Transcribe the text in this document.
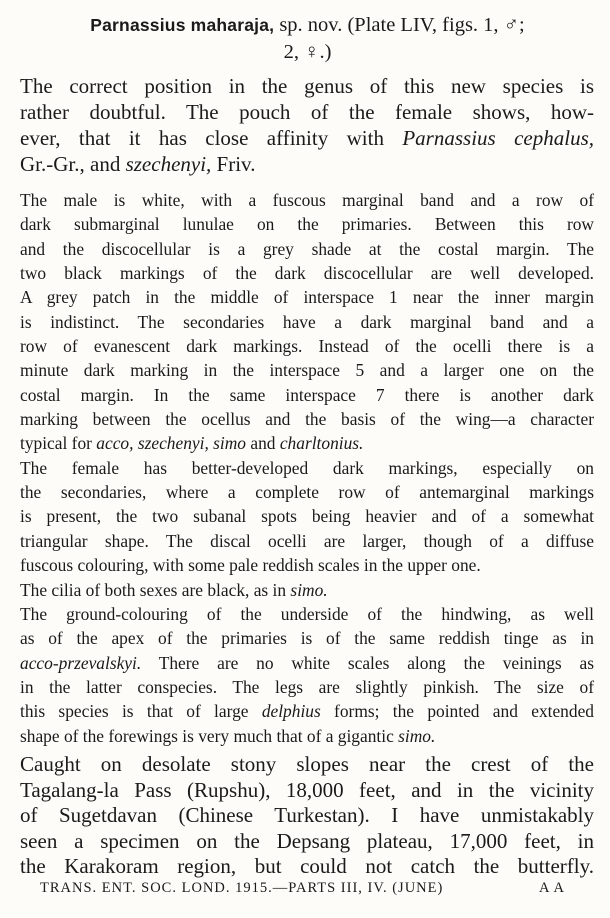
Parnassius maharaja, sp. nov. (Plate LIV, figs. 1, ♂;
2, ♀.)
The correct position in the genus of this new species is
rather doubtful. The pouch of the female shows, how-
ever, that it has close affinity with Parnassius cephalus,
Gr.-Gr., and szechenyi, Friv.
The male is white, with a fuscous marginal band and a row of
dark submarginal lunulae on the primaries. Between this row
and the discocellular is a grey shade at the costal margin. The
two black markings of the dark discocellular are well developed.
A grey patch in the middle of interspace 1 near the inner margin
is indistinct. The secondaries have a dark marginal band and a
row of evanescent dark markings. Instead of the ocelli there is a
minute dark marking in the interspace 5 and a larger one on the
costal margin. In the same interspace 7 there is another dark
marking between the ocellus and the basis of the wing—a character
typical for acco, szechenyi, simo and charltonius.
The female has better-developed dark markings, especially on
the secondaries, where a complete row of antemarginal markings
is present, the two subanal spots being heavier and of a somewhat
triangular shape. The discal ocelli are larger, though of a diffuse
fuscous colouring, with some pale reddish scales in the upper one.
The cilia of both sexes are black, as in simo.
The ground-colouring of the underside of the hindwing, as well
as of the apex of the primaries is of the same reddish tinge as in
acco-przevalskyi. There are no white scales along the veinings as
in the latter conspecies. The legs are slightly pinkish. The size of
this species is that of large delphius forms; the pointed and extended
shape of the forewings is very much that of a gigantic simo.
Caught on desolate stony slopes near the crest of the
Tagalang-la Pass (Rupshu), 18,000 feet, and in the vicinity
of Sugetdavan (Chinese Turkestan). I have unmistakably
seen a specimen on the Depsang plateau, 17,000 feet, in
the Karakoram region, but could not catch the butterfly.
TRANS. ENT. SOC. LOND. 1915.—PARTS III, IV. (JUNE)	A A
